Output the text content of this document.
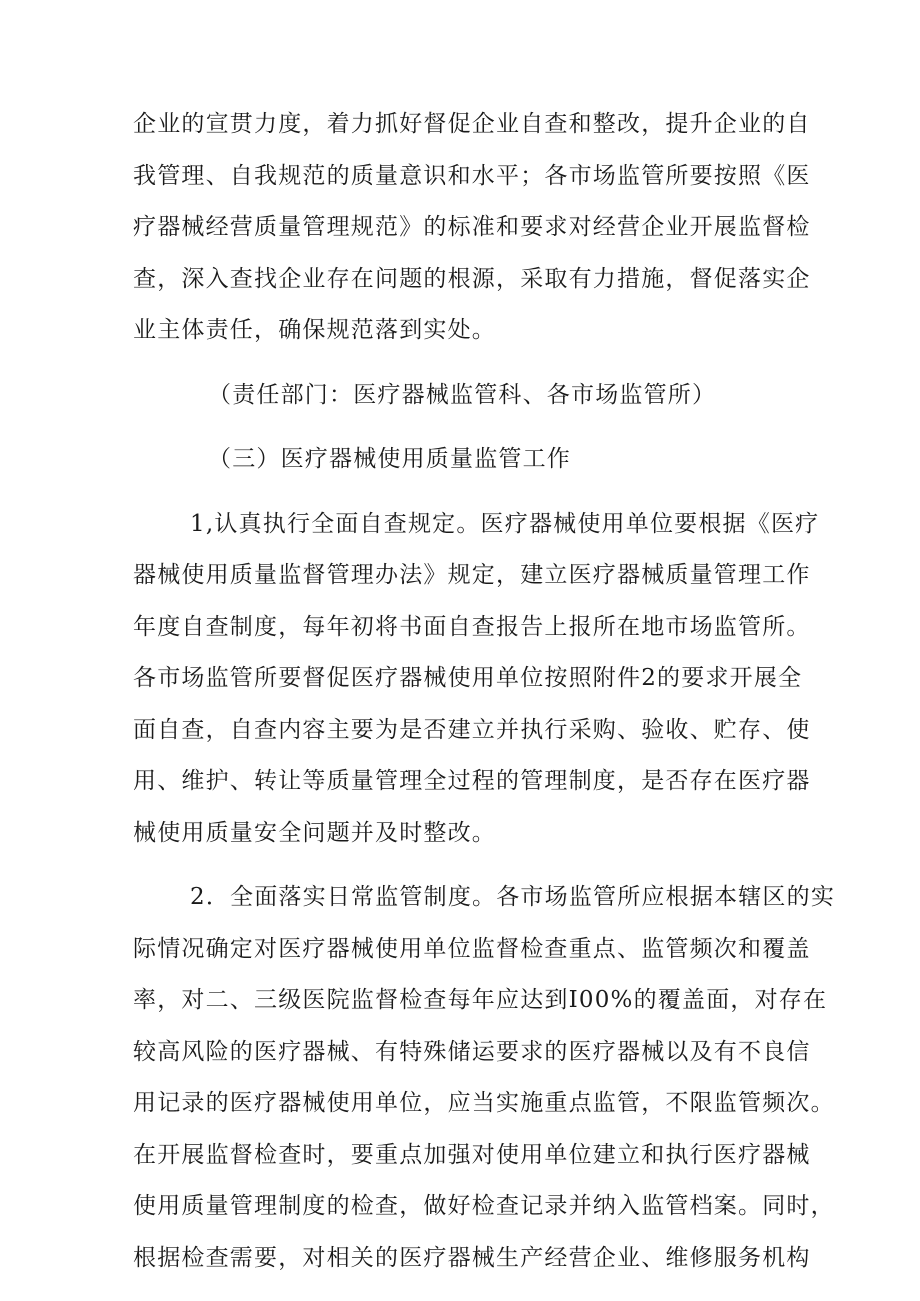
企业的宣贯力度，着力抓好督促企业自查和整改，提升企业的自
我管理、自我规范的质量意识和水平；各市场监管所要按照《医
疗器械经营质量管理规范》的标准和要求对经营企业开展监督检
查，深入查找企业存在问题的根源，采取有力措施，督促落实企
业主体责任，确保规范落到实处。
（责任部门：医疗器械监管科、各市场监管所）
（三）医疗器械使用质量监管工作
1,认真执行全面自查规定。医疗器械使用单位要根据《医疗
器械使用质量监督管理办法》规定，建立医疗器械质量管理工作
年度自查制度，每年初将书面自查报告上报所在地市场监管所。
各市场监管所要督促医疗器械使用单位按照附件2的要求开展全
面自查，自查内容主要为是否建立并执行采购、验收、贮存、使
用、维护、转让等质量管理全过程的管理制度，是否存在医疗器
械使用质量安全问题并及时整改。
2．全面落实日常监管制度。各市场监管所应根据本辖区的实
际情况确定对医疗器械使用单位监督检查重点、监管频次和覆盖
率，对二、三级医院监督检查每年应达到I00%的覆盖面，对存在
较高风险的医疗器械、有特殊储运要求的医疗器械以及有不良信
用记录的医疗器械使用单位，应当实施重点监管，不限监管频次。
在开展监督检查时，要重点加强对使用单位建立和执行医疗器械
使用质量管理制度的检查，做好检查记录并纳入监管档案。同时，
根据检查需要，对相关的医疗器械生产经营企业、维修服务机构
